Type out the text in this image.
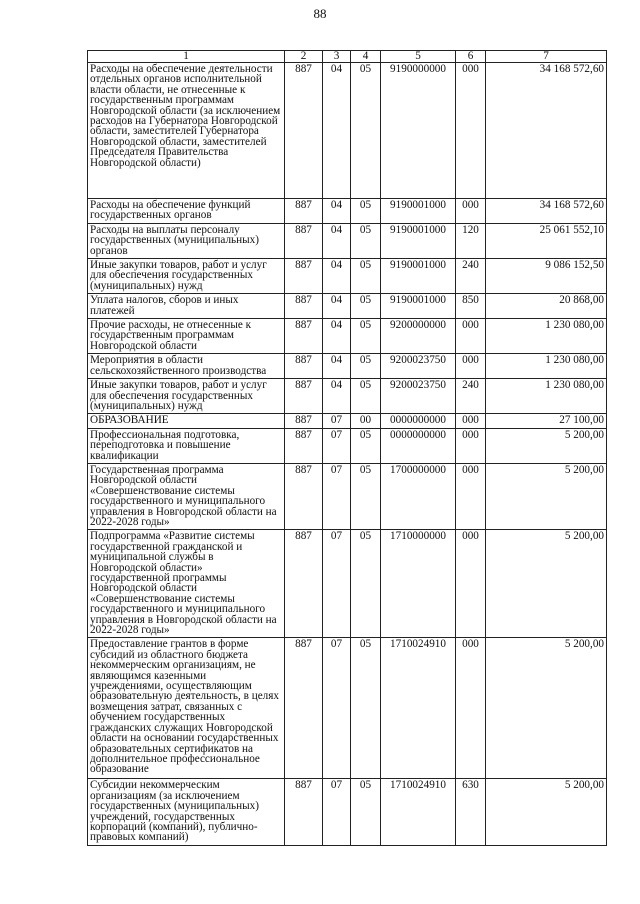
88
1	2	3	4	5	6	7
Расходы на обеспечение деятельности отдельных органов исполнительной власти области, не отнесенные к государственным программам Новгородской области (за исключением расходов на Губернатора Новгородской области, заместителей Губернатора Новгородской области, заместителей Председателя Правительства Новгородской области)	887	04	05	9190000000	000	34 168 572,60
Расходы на обеспечение функций государственных органов	887	04	05	9190001000	000	34 168 572,60
Расходы на выплаты персоналу государственных (муниципальных) органов	887	04	05	9190001000	120	25 061 552,10
Иные закупки товаров, работ и услуг для обеспечения государственных (муниципальных) нужд	887	04	05	9190001000	240	9 086 152,50
Уплата налогов, сборов и иных платежей	887	04	05	9190001000	850	20 868,00
Прочие расходы, не отнесенные к государственным программам Новгородской области	887	04	05	9200000000	000	1 230 080,00
Мероприятия в области сельскохозяйственного производства	887	04	05	9200023750	000	1 230 080,00
Иные закупки товаров, работ и услуг для обеспечения государственных (муниципальных) нужд	887	04	05	9200023750	240	1 230 080,00
ОБРАЗОВАНИЕ	887	07	00	0000000000	000	27 100,00
Профессиональная подготовка, переподготовка и повышение квалификации	887	07	05	0000000000	000	5 200,00
Государственная программа Новгородской области «Совершенствование системы государственного и муниципального управления в Новгородской области на 2022-2028 годы»	887	07	05	1700000000	000	5 200,00
Подпрограмма «Развитие системы государственной гражданской и муниципальной службы в Новгородской области» государственной программы Новгородской области «Совершенствование системы государственного и муниципального управления в Новгородской области на 2022-2028 годы»	887	07	05	1710000000	000	5 200,00
Предоставление грантов в форме субсидий из областного бюджета некоммерческим организациям, не являющимся казенными учреждениями, осуществляющим образовательную деятельность, в целях возмещения затрат, связанных с обучением государственных гражданских служащих Новгородской области на основании государственных образовательных сертификатов на дополнительное профессиональное образование	887	07	05	1710024910	000	5 200,00
Субсидии некоммерческим организациям (за исключением государственных (муниципальных) учреждений, государственных корпораций (компаний), публично-правовых компаний)	887	07	05	1710024910	630	5 200,00
